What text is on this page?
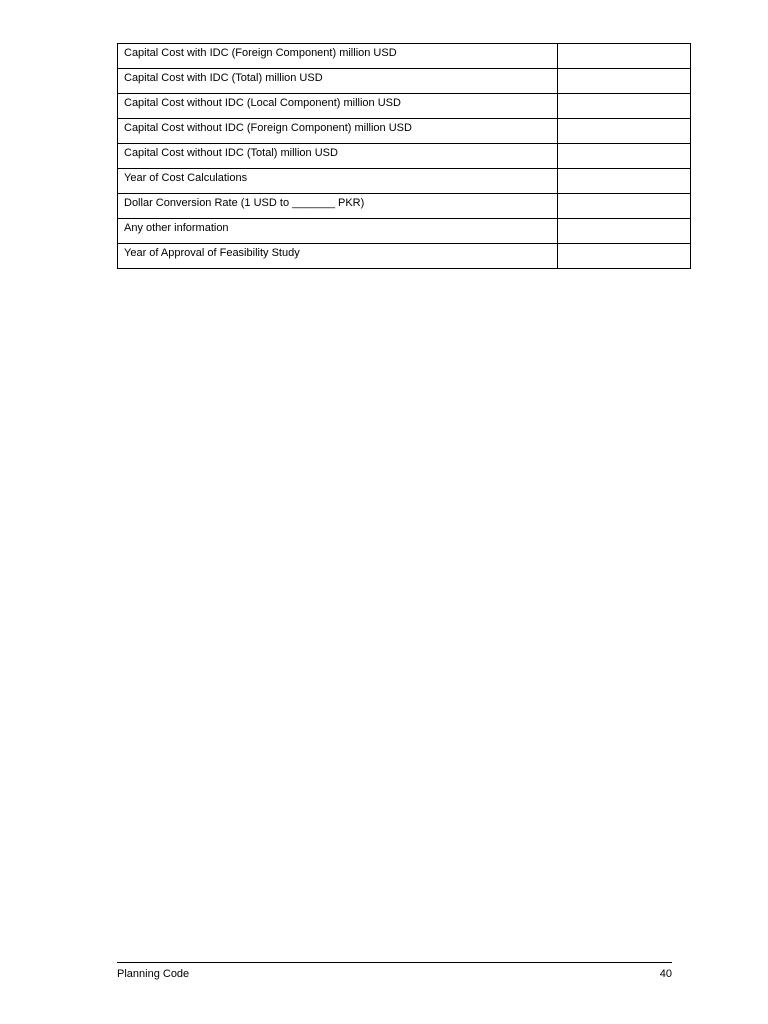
Capital Cost with IDC (Foreign Component) million USD	
Capital Cost with IDC (Total) million USD	
Capital Cost without IDC (Local Component) million USD	
Capital Cost without IDC (Foreign Component) million USD	
Capital Cost without IDC (Total) million USD	
Year of Cost Calculations	
Dollar Conversion Rate (1 USD to _______ PKR)	
Any other information	
Year of Approval of Feasibility Study	
Planning Code	40
